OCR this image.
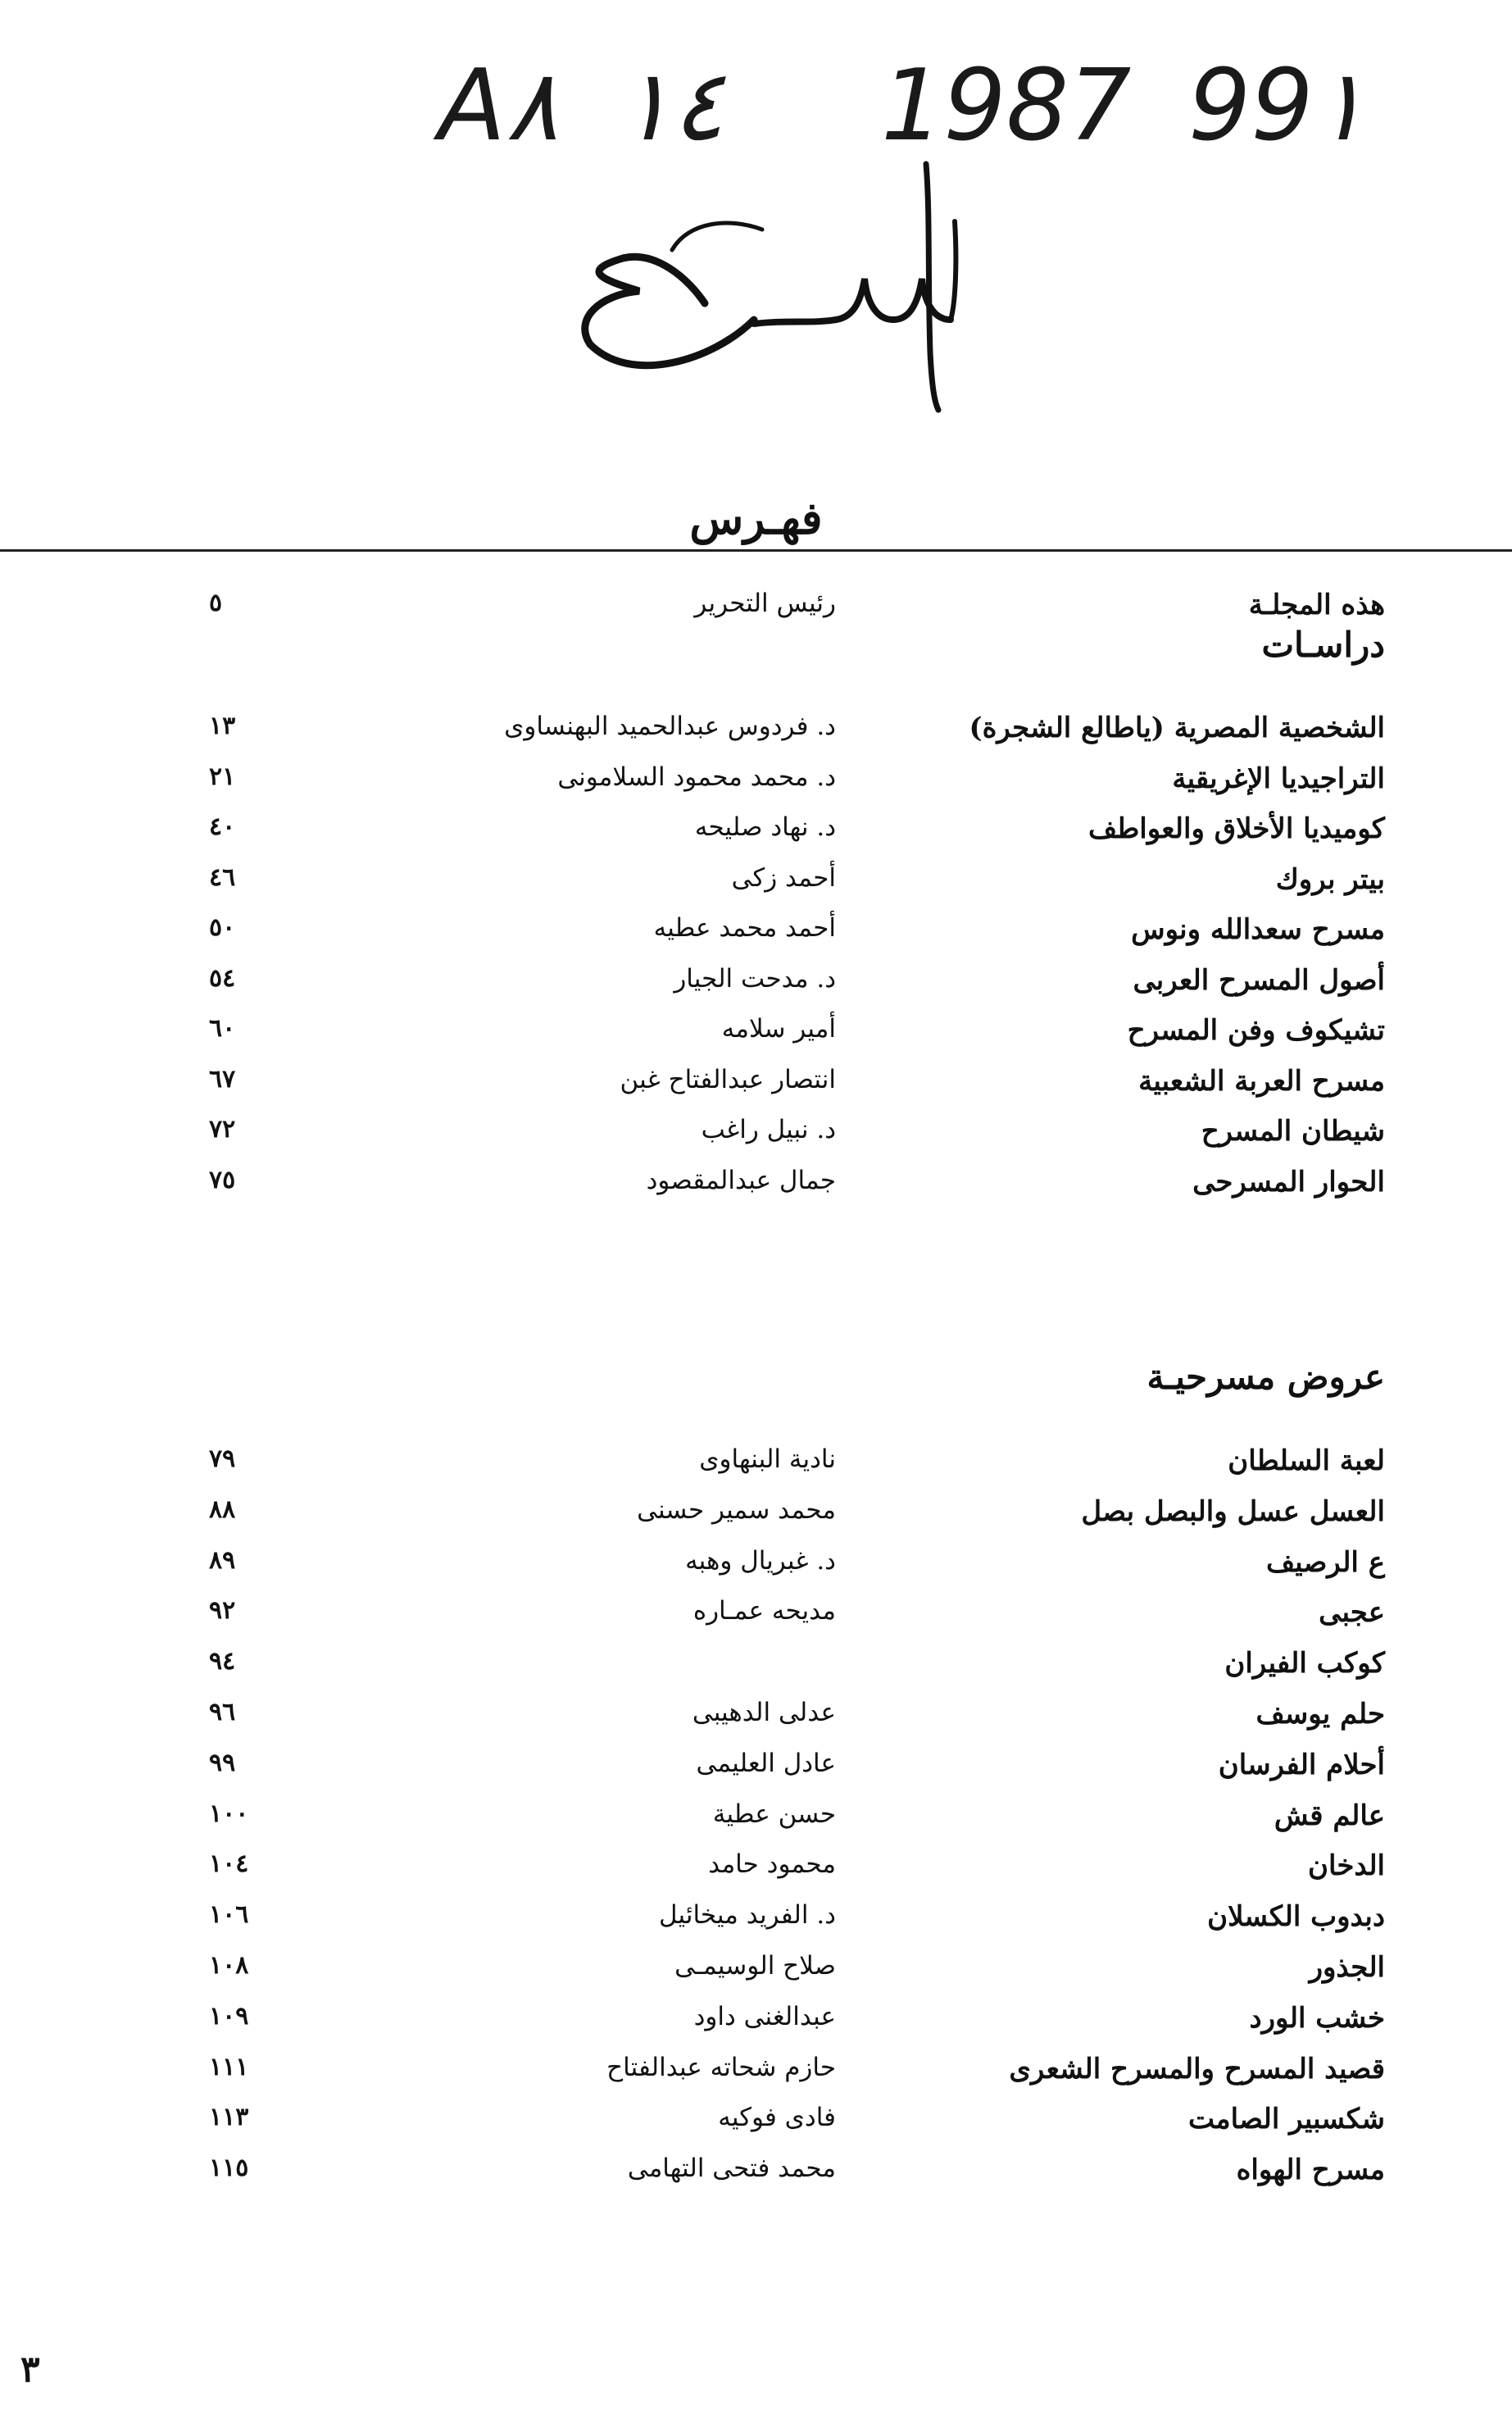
A٨ ١٤ 1987 99١
فهـرس
هذه المجلـة
رئيس التحرير
٥
دراسـات
الشخصية المصرية (ياطالع الشجرة)
د. فردوس عبدالحميد البهنساوى
١٣
التراجيديا الإغريقية
د. محمد محمود السلامونى
٢١
كوميديا الأخلاق والعواطف
د. نهاد صليحه
٤٠
بيتر بروك
أحمد زكى
٤٦
مسرح سعدالله ونوس
أحمد محمد عطيه
٥٠
أصول المسرح العربى
د. مدحت الجيار
٥٤
تشيكوف وفن المسرح
أمير سلامه
٦٠
مسرح العربة الشعبية
انتصار عبدالفتاح غبن
٦٧
شيطان المسرح
د. نبيل راغب
٧٢
الحوار المسرحى
جمال عبدالمقصود
٧٥
عروض مسرحيـة
لعبة السلطان
نادية البنهاوى
٧٩
العسل عسل والبصل بصل
محمد سمير حسنى
٨٨
ع الرصيف
د. غبريال وهبه
٨٩
عجبى
مديحه عمـاره
٩٢
كوكب الفيران
٩٤
حلم يوسف
عدلى الدهيبى
٩٦
أحلام الفرسان
عادل العليمى
٩٩
عالم قش
حسن عطية
١٠٠
الدخان
محمود حامد
١٠٤
دبدوب الكسلان
د. الفريد ميخائيل
١٠٦
الجذور
صلاح الوسيمـى
١٠٨
خشب الورد
عبدالغنى داود
١٠٩
قصيد المسرح والمسرح الشعرى
حازم شحاته عبدالفتاح
١١١
شكسبير الصامت
فادى فوكيه
١١٣
مسرح الهواه
محمد فتحى التهامى
١١٥
٣
